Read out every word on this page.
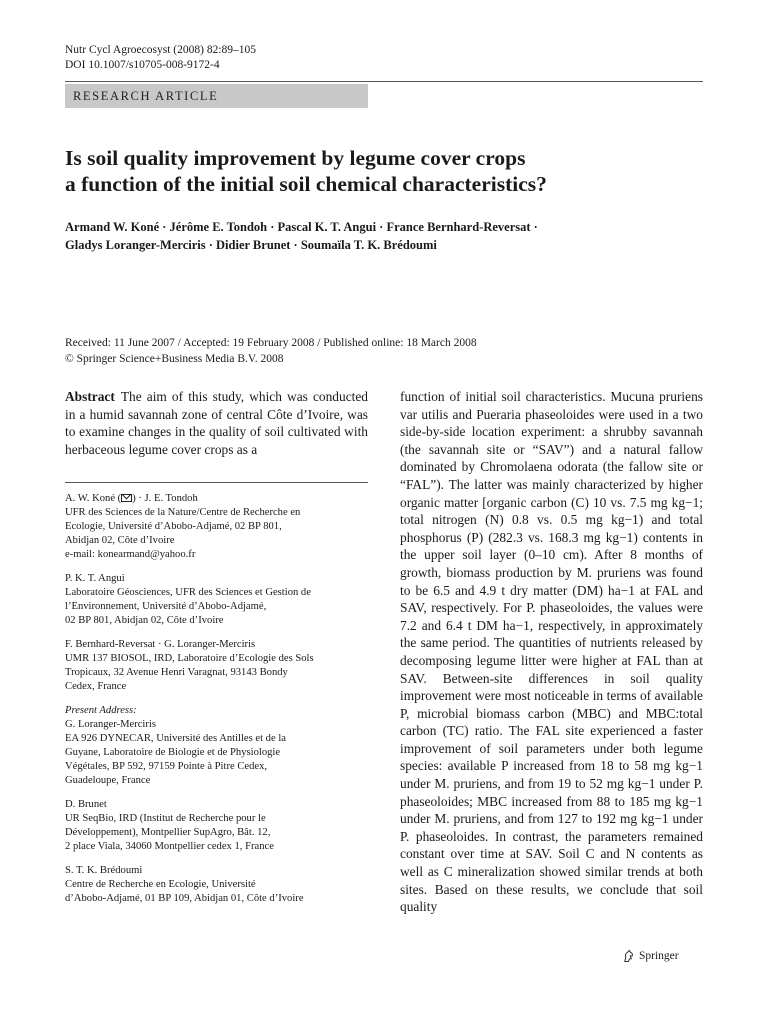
Nutr Cycl Agroecosyst (2008) 82:89–105
DOI 10.1007/s10705-008-9172-4
RESEARCH ARTICLE
Is soil quality improvement by legume cover crops
a function of the initial soil chemical characteristics?
Armand W. Koné · Jérôme E. Tondoh · Pascal K. T. Angui · France Bernhard-Reversat ·
Gladys Loranger-Merciris · Didier Brunet · Soumaïla T. K. Brédoumi
Received: 11 June 2007 / Accepted: 19 February 2008 / Published online: 18 March 2008
© Springer Science+Business Media B.V. 2008

Abstract The aim of this study, which was conducted in a humid savannah zone of central Côte d’Ivoire, was to examine changes in the quality of soil cultivated with herbaceous legume cover crops as a

A. W. Koné ( ) · J. E. Tondoh
UFR des Sciences de la Nature/Centre de Recherche en
Ecologie, Université d’Abobo-Adjamé, 02 BP 801,
Abidjan 02, Côte d’Ivoire
e-mail: konearmand@yahoo.fr
P. K. T. Angui
Laboratoire Géosciences, UFR des Sciences et Gestion de
l’Environnement, Université d’Abobo-Adjamé,
02 BP 801, Abidjan 02, Côte d’Ivoire
F. Bernhard-Reversat · G. Loranger-Merciris
UMR 137 BIOSOL, IRD, Laboratoire d’Ecologie des Sols
Tropicaux, 32 Avenue Henri Varagnat, 93143 Bondy
Cedex, France
Present Address:
G. Loranger-Merciris
EA 926 DYNECAR, Université des Antilles et de la
Guyane, Laboratoire de Biologie et de Physiologie
Végétales, BP 592, 97159 Pointe à Pitre Cedex,
Guadeloupe, France
D. Brunet
UR SeqBio, IRD (Institut de Recherche pour le
Développement), Montpellier SupAgro, Bât. 12,
2 place Viala, 34060 Montpellier cedex 1, France
S. T. K. Brédoumi
Centre de Recherche en Ecologie, Université
d’Abobo-Adjamé, 01 BP 109, Abidjan 01, Côte d’Ivoire

function of initial soil characteristics. Mucuna pruriens var utilis and Pueraria phaseoloides were used in a two side-by-side location experiment: a shrubby savannah (the savannah site or “SAV”) and a natural fallow dominated by Chromolaena odorata (the fallow site or “FAL”). The latter was mainly characterized by higher organic matter [organic carbon (C) 10 vs. 7.5 mg kg−1; total nitrogen (N) 0.8 vs. 0.5 mg kg−1) and total phosphorus (P) (282.3 vs. 168.3 mg kg−1) contents in the upper soil layer (0–10 cm). After 8 months of growth, biomass production by M. pruriens was found to be 6.5 and 4.9 t dry matter (DM) ha−1 at FAL and SAV, respectively. For P. phaseoloides, the values were 7.2 and 6.4 t DM ha−1, respectively, in approximately the same period. The quantities of nutrients released by decomposing legume litter were higher at FAL than at SAV. Between-site differences in soil quality improvement were most noticeable in terms of available P, microbial biomass carbon (MBC) and MBC:total carbon (TC) ratio. The FAL site experienced a faster improvement of soil parameters under both legume species: available P increased from 18 to 58 mg kg−1 under M. pruriens, and from 19 to 52 mg kg−1 under P. phaseoloides; MBC increased from 88 to 185 mg kg−1 under M. pruriens, and from 127 to 192 mg kg−1 under P. phaseoloides. In contrast, the parameters remained constant over time at SAV. Soil C and N contents as well as C mineralization showed similar trends at both sites. Based on these results, we conclude that soil quality

Springer
